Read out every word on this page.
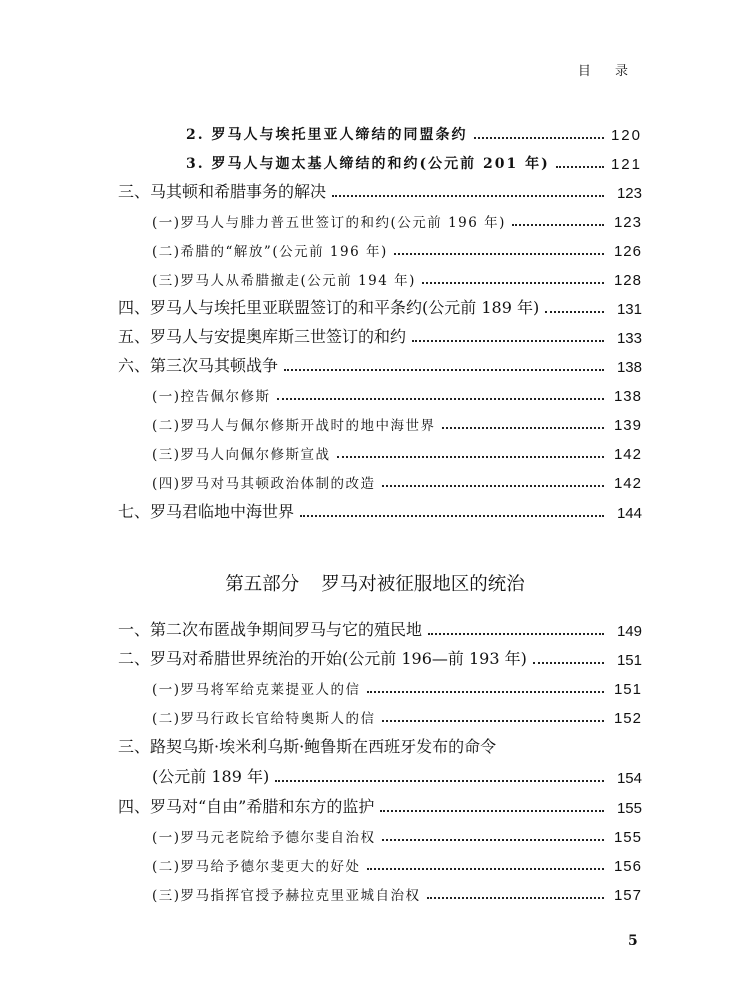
目 录
2. 罗马人与埃托里亚人缔结的同盟条约	120
3. 罗马人与迦太基人缔结的和约(公元前 201 年)	121
三、马其顿和希腊事务的解决	123
(一)罗马人与腓力普五世签订的和约(公元前 196 年)	123
(二)希腊的“解放”(公元前 196 年)	126
(三)罗马人从希腊撤走(公元前 194 年)	128
四、罗马人与埃托里亚联盟签订的和平条约(公元前 189 年)	131
五、罗马人与安提奥库斯三世签订的和约	133
六、第三次马其顿战争	138
(一)控告佩尔修斯	138
(二)罗马人与佩尔修斯开战时的地中海世界	139
(三)罗马人向佩尔修斯宣战	142
(四)罗马对马其顿政治体制的改造	142
七、罗马君临地中海世界	144
第五部分 罗马对被征服地区的统治
一、第二次布匿战争期间罗马与它的殖民地	149
二、罗马对希腊世界统治的开始(公元前 196—前 193 年)	151
(一)罗马将军给克莱提亚人的信	151
(二)罗马行政长官给特奥斯人的信	152
三、路契乌斯·埃米利乌斯·鲍鲁斯在西班牙发布的命令
(公元前 189 年)	154
四、罗马对“自由”希腊和东方的监护	155
(一)罗马元老院给予德尔斐自治权	155
(二)罗马给予德尔斐更大的好处	156
(三)罗马指挥官授予赫拉克里亚城自治权	157
5
